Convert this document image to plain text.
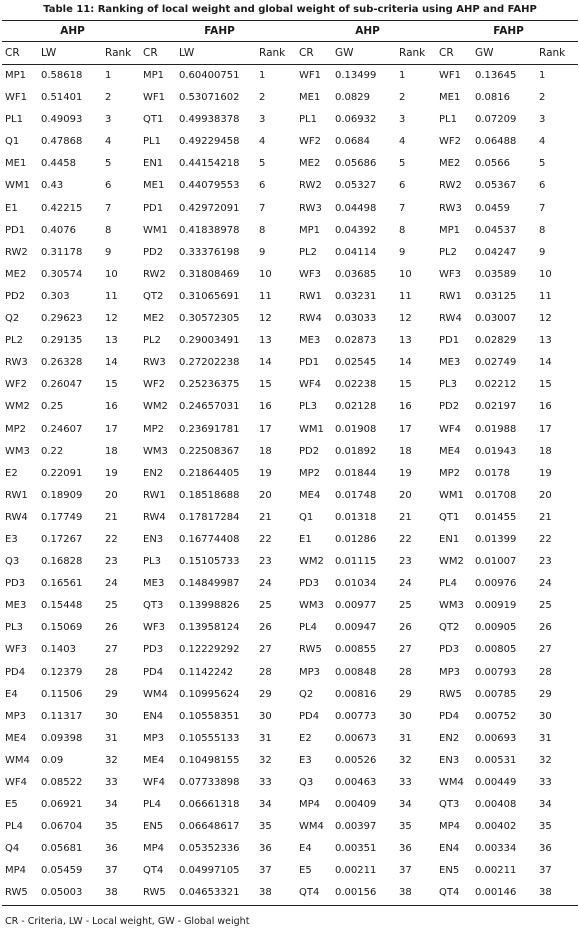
Table 11: Ranking of local weight and global weight of sub-criteria using AHP and FAHP
AHP			FAHP			AHP			FAHP		
CR	LW	Rank	CR	LW	Rank	CR	GW	Rank	CR	GW	Rank
MP1	0.58618	1	MP1	0.60400751	1	WF1	0.13499	1	WF1	0.13645	1
WF1	0.51401	2	WF1	0.53071602	2	ME1	0.0829	2	ME1	0.0816	2
PL1	0.49093	3	QT1	0.49938378	3	PL1	0.06932	3	PL1	0.07209	3
Q1	0.47868	4	PL1	0.49229458	4	WF2	0.0684	4	WF2	0.06488	4
ME1	0.4458	5	EN1	0.44154218	5	ME2	0.05686	5	ME2	0.0566	5
WM1	0.43	6	ME1	0.44079553	6	RW2	0.05327	6	RW2	0.05367	6
E1	0.42215	7	PD1	0.42972091	7	RW3	0.04498	7	RW3	0.0459	7
PD1	0.4076	8	WM1	0.41838978	8	MP1	0.04392	8	MP1	0.04537	8
RW2	0.31178	9	PD2	0.33376198	9	PL2	0.04114	9	PL2	0.04247	9
ME2	0.30574	10	RW2	0.31808469	10	WF3	0.03685	10	WF3	0.03589	10
PD2	0.303	11	QT2	0.31065691	11	RW1	0.03231	11	RW1	0.03125	11
Q2	0.29623	12	ME2	0.30572305	12	RW4	0.03033	12	RW4	0.03007	12
PL2	0.29135	13	PL2	0.29003491	13	ME3	0.02873	13	PD1	0.02829	13
RW3	0.26328	14	RW3	0.27202238	14	PD1	0.02545	14	ME3	0.02749	14
WF2	0.26047	15	WF2	0.25236375	15	WF4	0.02238	15	PL3	0.02212	15
WM2	0.25	16	WM2	0.24657031	16	PL3	0.02128	16	PD2	0.02197	16
MP2	0.24607	17	MP2	0.23691781	17	WM1	0.01908	17	WF4	0.01988	17
WM3	0.22	18	WM3	0.22508367	18	PD2	0.01892	18	ME4	0.01943	18
E2	0.22091	19	EN2	0.21864405	19	MP2	0.01844	19	MP2	0.0178	19
RW1	0.18909	20	RW1	0.18518688	20	ME4	0.01748	20	WM1	0.01708	20
RW4	0.17749	21	RW4	0.17817284	21	Q1	0.01318	21	QT1	0.01455	21
E3	0.17267	22	EN3	0.16774408	22	E1	0.01286	22	EN1	0.01399	22
Q3	0.16828	23	PL3	0.15105733	23	WM2	0.01115	23	WM2	0.01007	23
PD3	0.16561	24	ME3	0.14849987	24	PD3	0.01034	24	PL4	0.00976	24
ME3	0.15448	25	QT3	0.13998826	25	WM3	0.00977	25	WM3	0.00919	25
PL3	0.15069	26	WF3	0.13958124	26	PL4	0.00947	26	QT2	0.00905	26
WF3	0.1403	27	PD3	0.12229292	27	RW5	0.00855	27	PD3	0.00805	27
PD4	0.12379	28	PD4	0.1142242	28	MP3	0.00848	28	MP3	0.00793	28
E4	0.11506	29	WM4	0.10995624	29	Q2	0.00816	29	RW5	0.00785	29
MP3	0.11317	30	EN4	0.10558351	30	PD4	0.00773	30	PD4	0.00752	30
ME4	0.09398	31	MP3	0.10555133	31	E2	0.00673	31	EN2	0.00693	31
WM4	0.09	32	ME4	0.10498155	32	E3	0.00526	32	EN3	0.00531	32
WF4	0.08522	33	WF4	0.07733898	33	Q3	0.00463	33	WM4	0.00449	33
E5	0.06921	34	PL4	0.06661318	34	MP4	0.00409	34	QT3	0.00408	34
PL4	0.06704	35	EN5	0.06648617	35	WM4	0.00397	35	MP4	0.00402	35
Q4	0.05681	36	MP4	0.05352336	36	E4	0.00351	36	EN4	0.00334	36
MP4	0.05459	37	QT4	0.04997105	37	E5	0.00211	37	EN5	0.00211	37
RW5	0.05003	38	RW5	0.04653321	38	QT4	0.00156	38	QT4	0.00146	38
CR - Criteria, LW - Local weight, GW - Global weight
